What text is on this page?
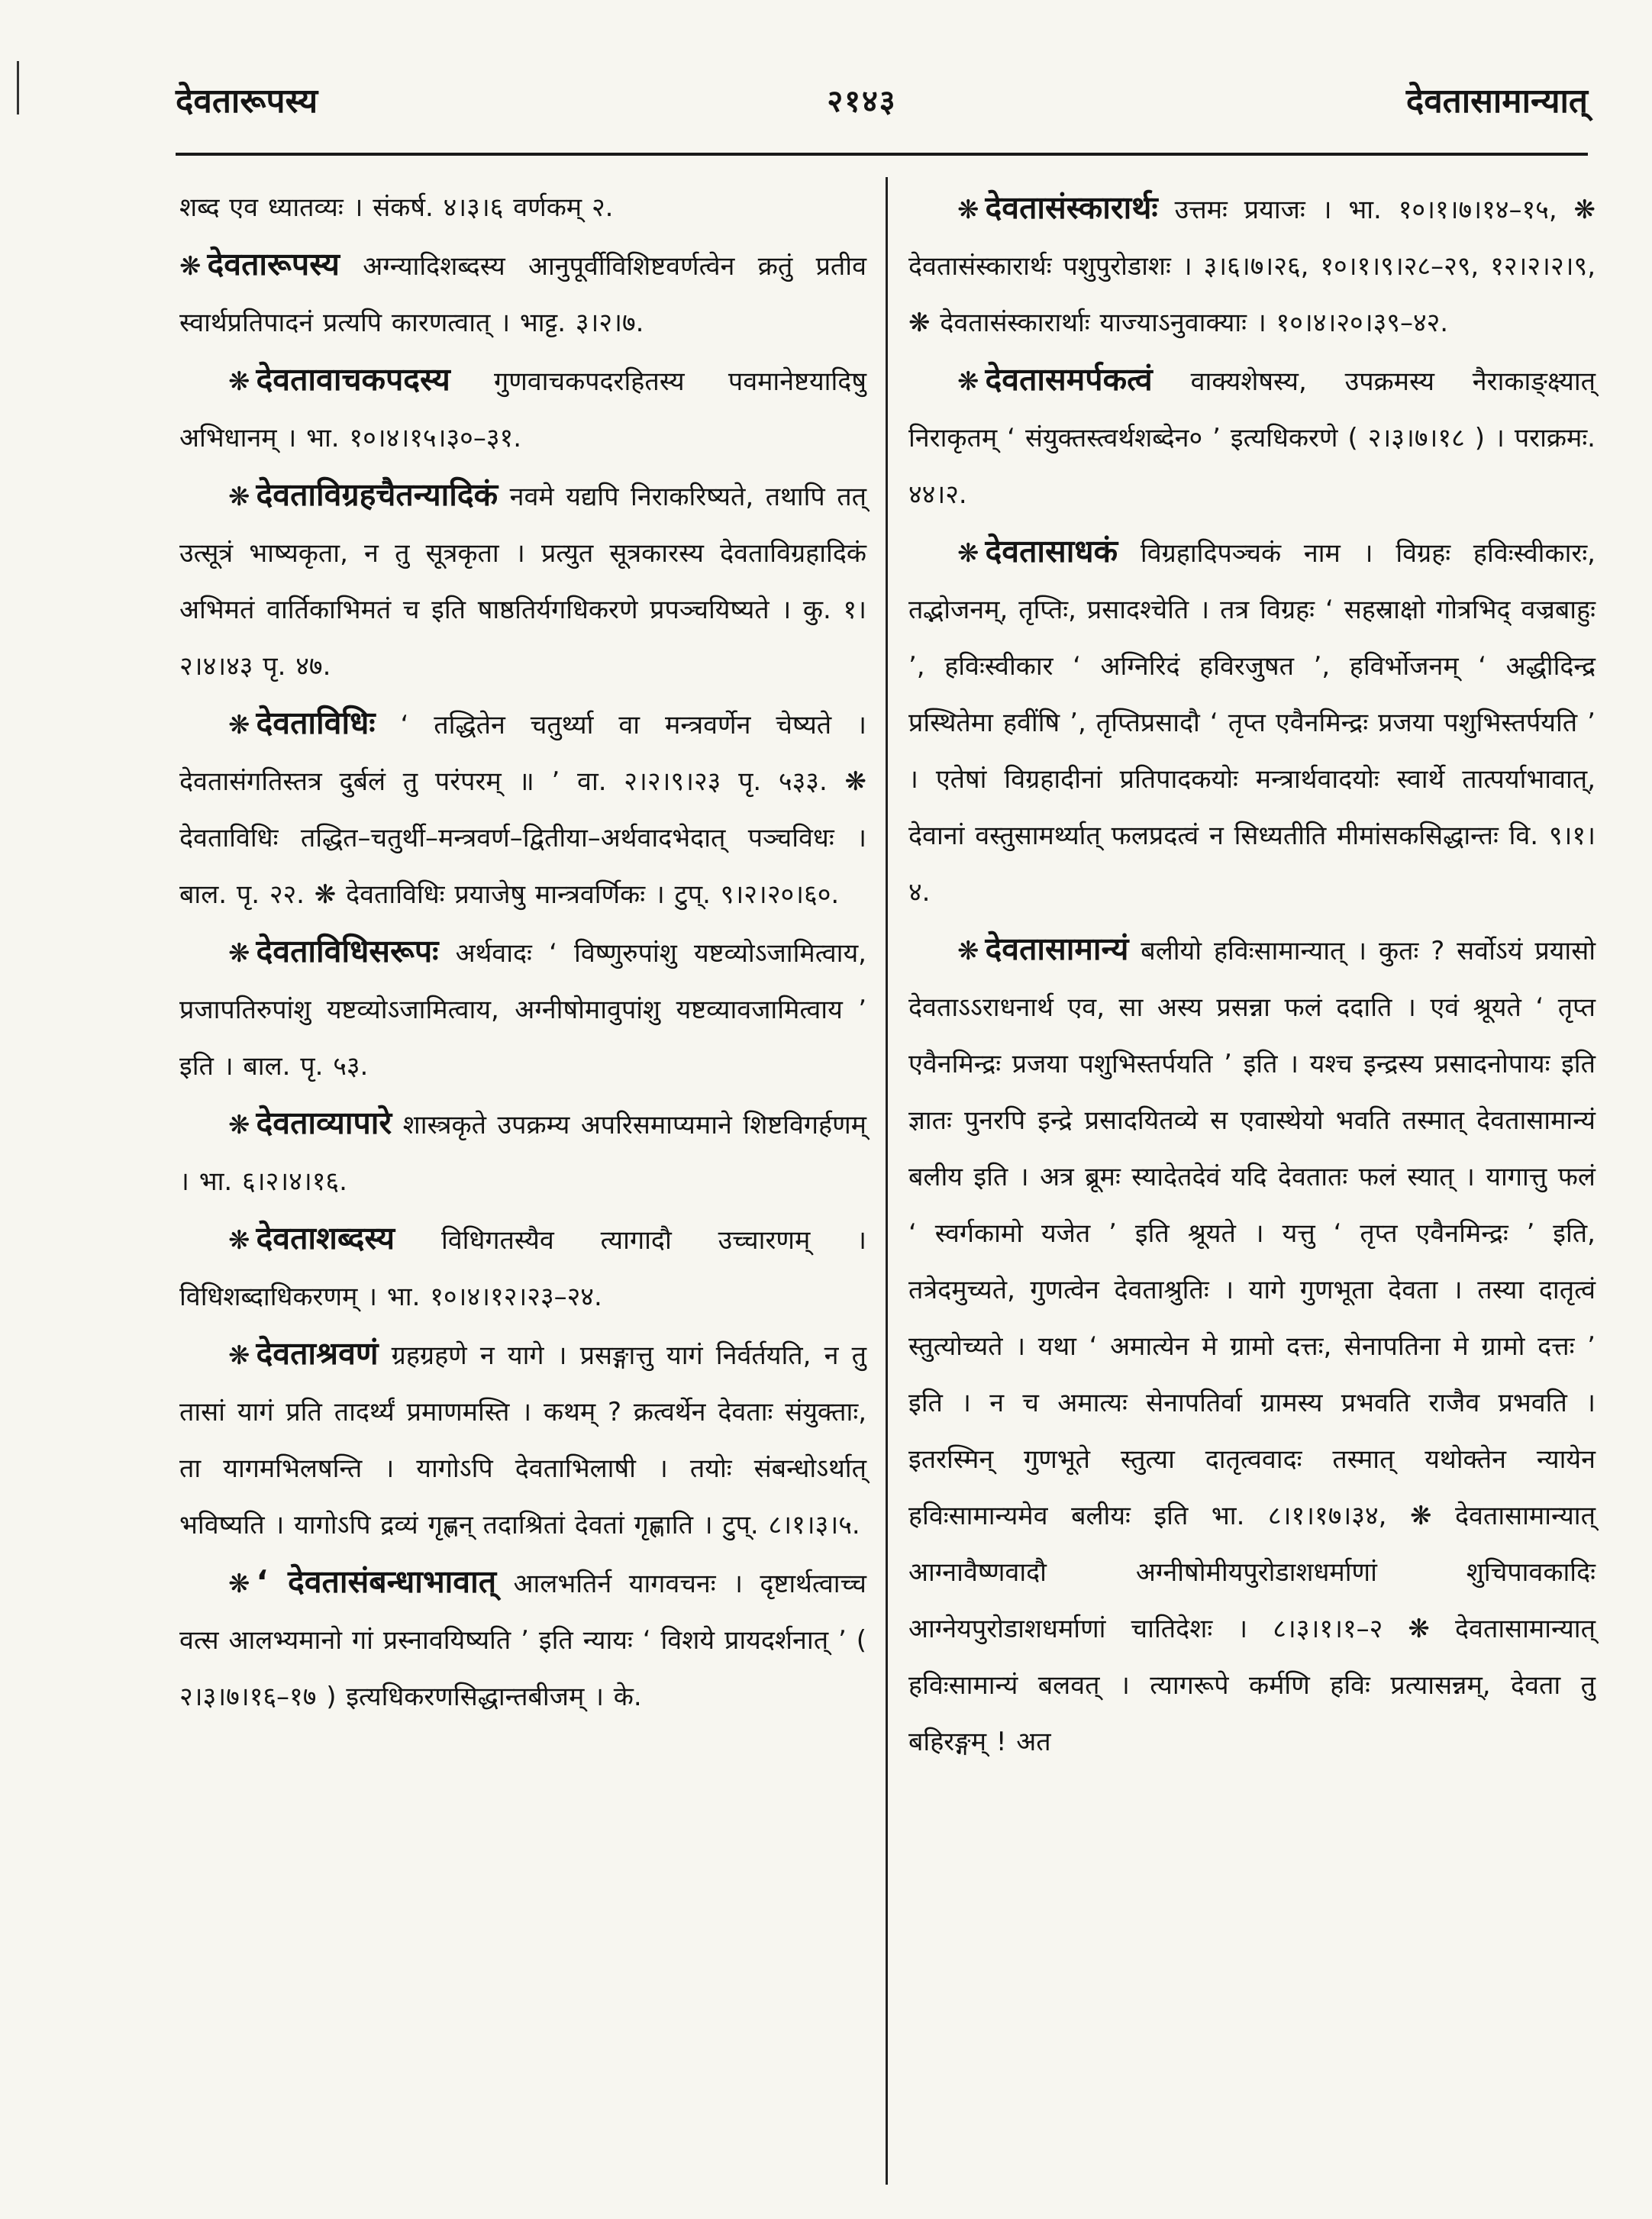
देवतारूपस्य	२१४३	देवतासामान्यात्

शब्द एव ध्यातव्यः । संकर्ष. ४।३।६ वर्णकम् २.

❋ देवतारूपस्य अग्न्यादिशब्दस्य आनुपूर्वीविशिष्टवर्णत्वेन क्रतुं प्रतीव स्वार्थप्रतिपादनं प्रत्यपि कारणत्वात् । भाट्ट. ३।२।७.

❋ देवतावाचकपदस्य गुणवाचकपदरहितस्य पवमानेष्टयादिषु अभिधानम् । भा. १०।४।१५।३०–३१.

❋ देवताविग्रहचैतन्यादिकं नवमे यद्यपि निराकरिष्यते, तथापि तत् उत्सूत्रं भाष्यकृता, न तु सूत्रकृता । प्रत्युत सूत्रकारस्य देवताविग्रहादिकं अभिमतं वार्तिकाभिमतं च इति षाष्ठतिर्यगधिकरणे प्रपञ्चयिष्यते । कु. १।२।४।४३ पृ. ४७.

❋ देवताविधिः ‘ तद्धितेन चतुर्थ्या वा मन्त्रवर्णेन चेष्यते । देवतासंगतिस्तत्र दुर्बलं तु परंपरम् ॥ ’ वा. २।२।९।२३ पृ. ५३३. ❋ देवताविधिः तद्धित–चतुर्थी–मन्त्रवर्ण–द्वितीया–अर्थवादभेदात् पञ्चविधः । बाल. पृ. २२. ❋ देवताविधिः प्रयाजेषु मान्त्रवर्णिकः । टुप्. ९।२।२०।६०.

❋ देवताविधिसरूपः अर्थवादः ‘ विष्णुरुपांशु यष्टव्योऽजामित्वाय, प्रजापतिरुपांशु यष्टव्योऽजामित्वाय, अग्नीषोमावुपांशु यष्टव्यावजामित्वाय ’ इति । बाल. पृ. ५३.

❋ देवताव्यापारे शास्त्रकृते उपक्रम्य अपरिसमाप्यमाने शिष्टविगर्हणम् । भा. ६।२।४।१६.

❋ देवताशब्दस्य विधिगतस्यैव त्यागादौ उच्चारणम् । विधिशब्दाधिकरणम् । भा. १०।४।१२।२३–२४.

❋ देवताश्रवणं ग्रहग्रहणे न यागे । प्रसङ्गात्तु यागं निर्वर्तयति, न तु तासां यागं प्रति तादर्थ्यं प्रमाणमस्ति । कथम् ? क्रत्वर्थेन देवताः संयुक्ताः, ता यागमभिलषन्ति । यागोऽपि देवताभिलाषी । तयोः संबन्धोऽर्थात् भविष्यति । यागोऽपि द्रव्यं गृह्णन् तदाश्रितां देवतां गृह्णाति । टुप्. ८।१।३।५.

❋ ‘ देवतासंबन्धाभावात् आलभतिर्न यागवचनः । दृष्टार्थत्वाच्च वत्स आलभ्यमानो गां प्रस्नावयिष्यति ’ इति न्यायः ‘ विशये प्रायदर्शनात् ’ ( २।३।७।१६–१७ ) इत्यधिकरणसिद्धान्तबीजम् । के.

❋ देवतासंस्कारार्थः उत्तमः प्रयाजः । भा. १०।१।७।१४–१५, ❋ देवतासंस्कारार्थः पशुपुरोडाशः । ३।६।७।२६, १०।१।९।२८–२९, १२।२।२।९, ❋ देवतासंस्कारार्थाः याज्याऽनुवाक्याः । १०।४।२०।३९–४२.

❋ देवतासमर्पकत्वं वाक्यशेषस्य, उपक्रमस्य नैराकाङ्क्ष्यात् निराकृतम् ‘ संयुक्तस्त्वर्थशब्देन० ’ इत्यधिकरणे ( २।३।७।१८ ) । पराक्रमः. ४४।२.

❋ देवतासाधकं विग्रहादिपञ्चकं नाम । विग्रहः हविःस्वीकारः, तद्भोजनम्, तृप्तिः, प्रसादश्चेति । तत्र विग्रहः ‘ सहस्राक्षो गोत्रभिद् वज्रबाहुः ’, हविःस्वीकार ‘ अग्निरिदं हविरजुषत ’, हविर्भोजनम् ‘ अद्धीदिन्द्र प्रस्थितेमा हवींषि ’, तृप्तिप्रसादौ ‘ तृप्त एवैनमिन्द्रः प्रजया पशुभिस्तर्पयति ’ । एतेषां विग्रहादीनां प्रतिपादकयोः मन्त्रार्थवादयोः स्वार्थे तात्पर्याभावात्, देवानां वस्तुसामर्थ्यात् फलप्रदत्वं न सिध्यतीति मीमांसकसिद्धान्तः वि. ९।१।४.

❋ देवतासामान्यं बलीयो हविःसामान्यात् । कुतः ? सर्वोऽयं प्रयासो देवताऽऽराधनार्थ एव, सा अस्य प्रसन्ना फलं ददाति । एवं श्रूयते ‘ तृप्त एवैनमिन्द्रः प्रजया पशुभिस्तर्पयति ’ इति । यश्च इन्द्रस्य प्रसादनोपायः इति ज्ञातः पुनरपि इन्द्रे प्रसादयितव्ये स एवास्थेयो भवति तस्मात् देवतासामान्यं बलीय इति । अत्र ब्रूमः स्यादेतदेवं यदि देवतातः फलं स्यात् । यागात्तु फलं ‘ स्वर्गकामो यजेत ’ इति श्रूयते । यत्तु ‘ तृप्त एवैनमिन्द्रः ’ इति, तत्रेदमुच्यते, गुणत्वेन देवताश्रुतिः । यागे गुणभूता देवता । तस्या दातृत्वं स्तुत्योच्यते । यथा ‘ अमात्येन मे ग्रामो दत्तः, सेनापतिना मे ग्रामो दत्तः ’ इति । न च अमात्यः सेनापतिर्वा ग्रामस्य प्रभवति राजैव प्रभवति । इतरस्मिन् गुणभूते स्तुत्या दातृत्ववादः तस्मात् यथोक्तेन न्यायेन हविःसामान्यमेव बलीयः इति भा. ८।१।१७।३४, ❋ देवतासामान्यात् आग्नावैष्णवादौ अग्नीषोमीयपुरोडाशधर्माणां शुचिपावकादिः आग्नेयपुरोडाशधर्माणां चातिदेशः । ८।३।१।१–२ ❋ देवतासामान्यात् हविःसामान्यं बलवत् । त्यागरूपे कर्मणि हविः प्रत्यासन्नम्, देवता तु बहिरङ्गम् ! अत
